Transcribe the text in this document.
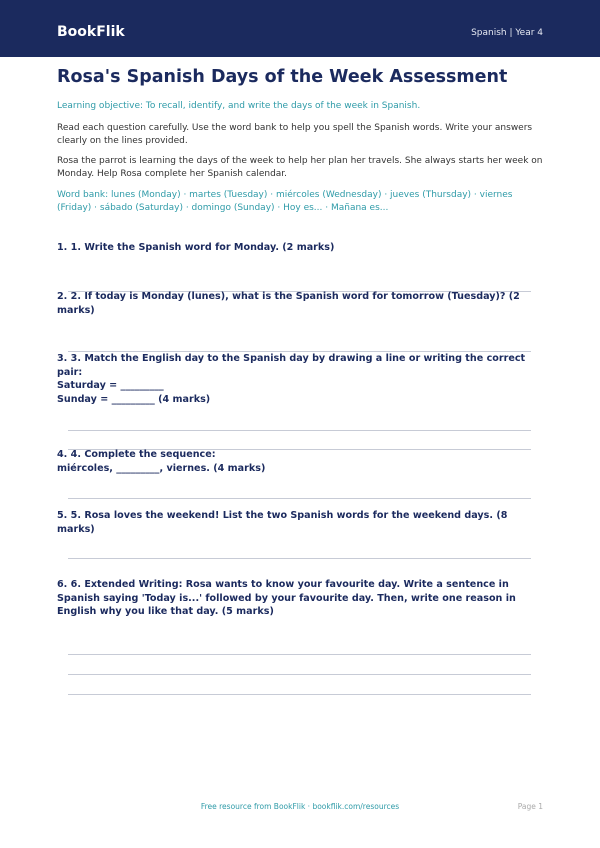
BookFlik	Spanish | Year 4
Rosa's Spanish Days of the Week Assessment

Learning objective: To recall, identify, and write the days of the week in Spanish.

Read each question carefully. Use the word bank to help you spell the Spanish words. Write your answers clearly on the lines provided.

Rosa the parrot is learning the days of the week to help her plan her travels. She always starts her week on Monday. Help Rosa complete her Spanish calendar.

Word bank: lunes (Monday) · martes (Tuesday) · miércoles (Wednesday) · jueves (Thursday) · viernes (Friday) · sábado (Saturday) · domingo (Sunday) · Hoy es... · Mañana es...

1. 1. Write the Spanish word for Monday. (2 marks)
2. 2. If today is Monday (lunes), what is the Spanish word for tomorrow (Tuesday)? (2 marks)
3. 3. Match the English day to the Spanish day by drawing a line or writing the correct pair:
Saturday = _________
Sunday = _________ (4 marks)
4. 4. Complete the sequence:
miércoles, _________, viernes. (4 marks)
5. 5. Rosa loves the weekend! List the two Spanish words for the weekend days. (8 marks)
6. 6. Extended Writing: Rosa wants to know your favourite day. Write a sentence in Spanish saying 'Today is...' followed by your favourite day. Then, write one reason in English why you like that day. (5 marks)
Free resource from BookFlik · bookflik.com/resources	Page 1
